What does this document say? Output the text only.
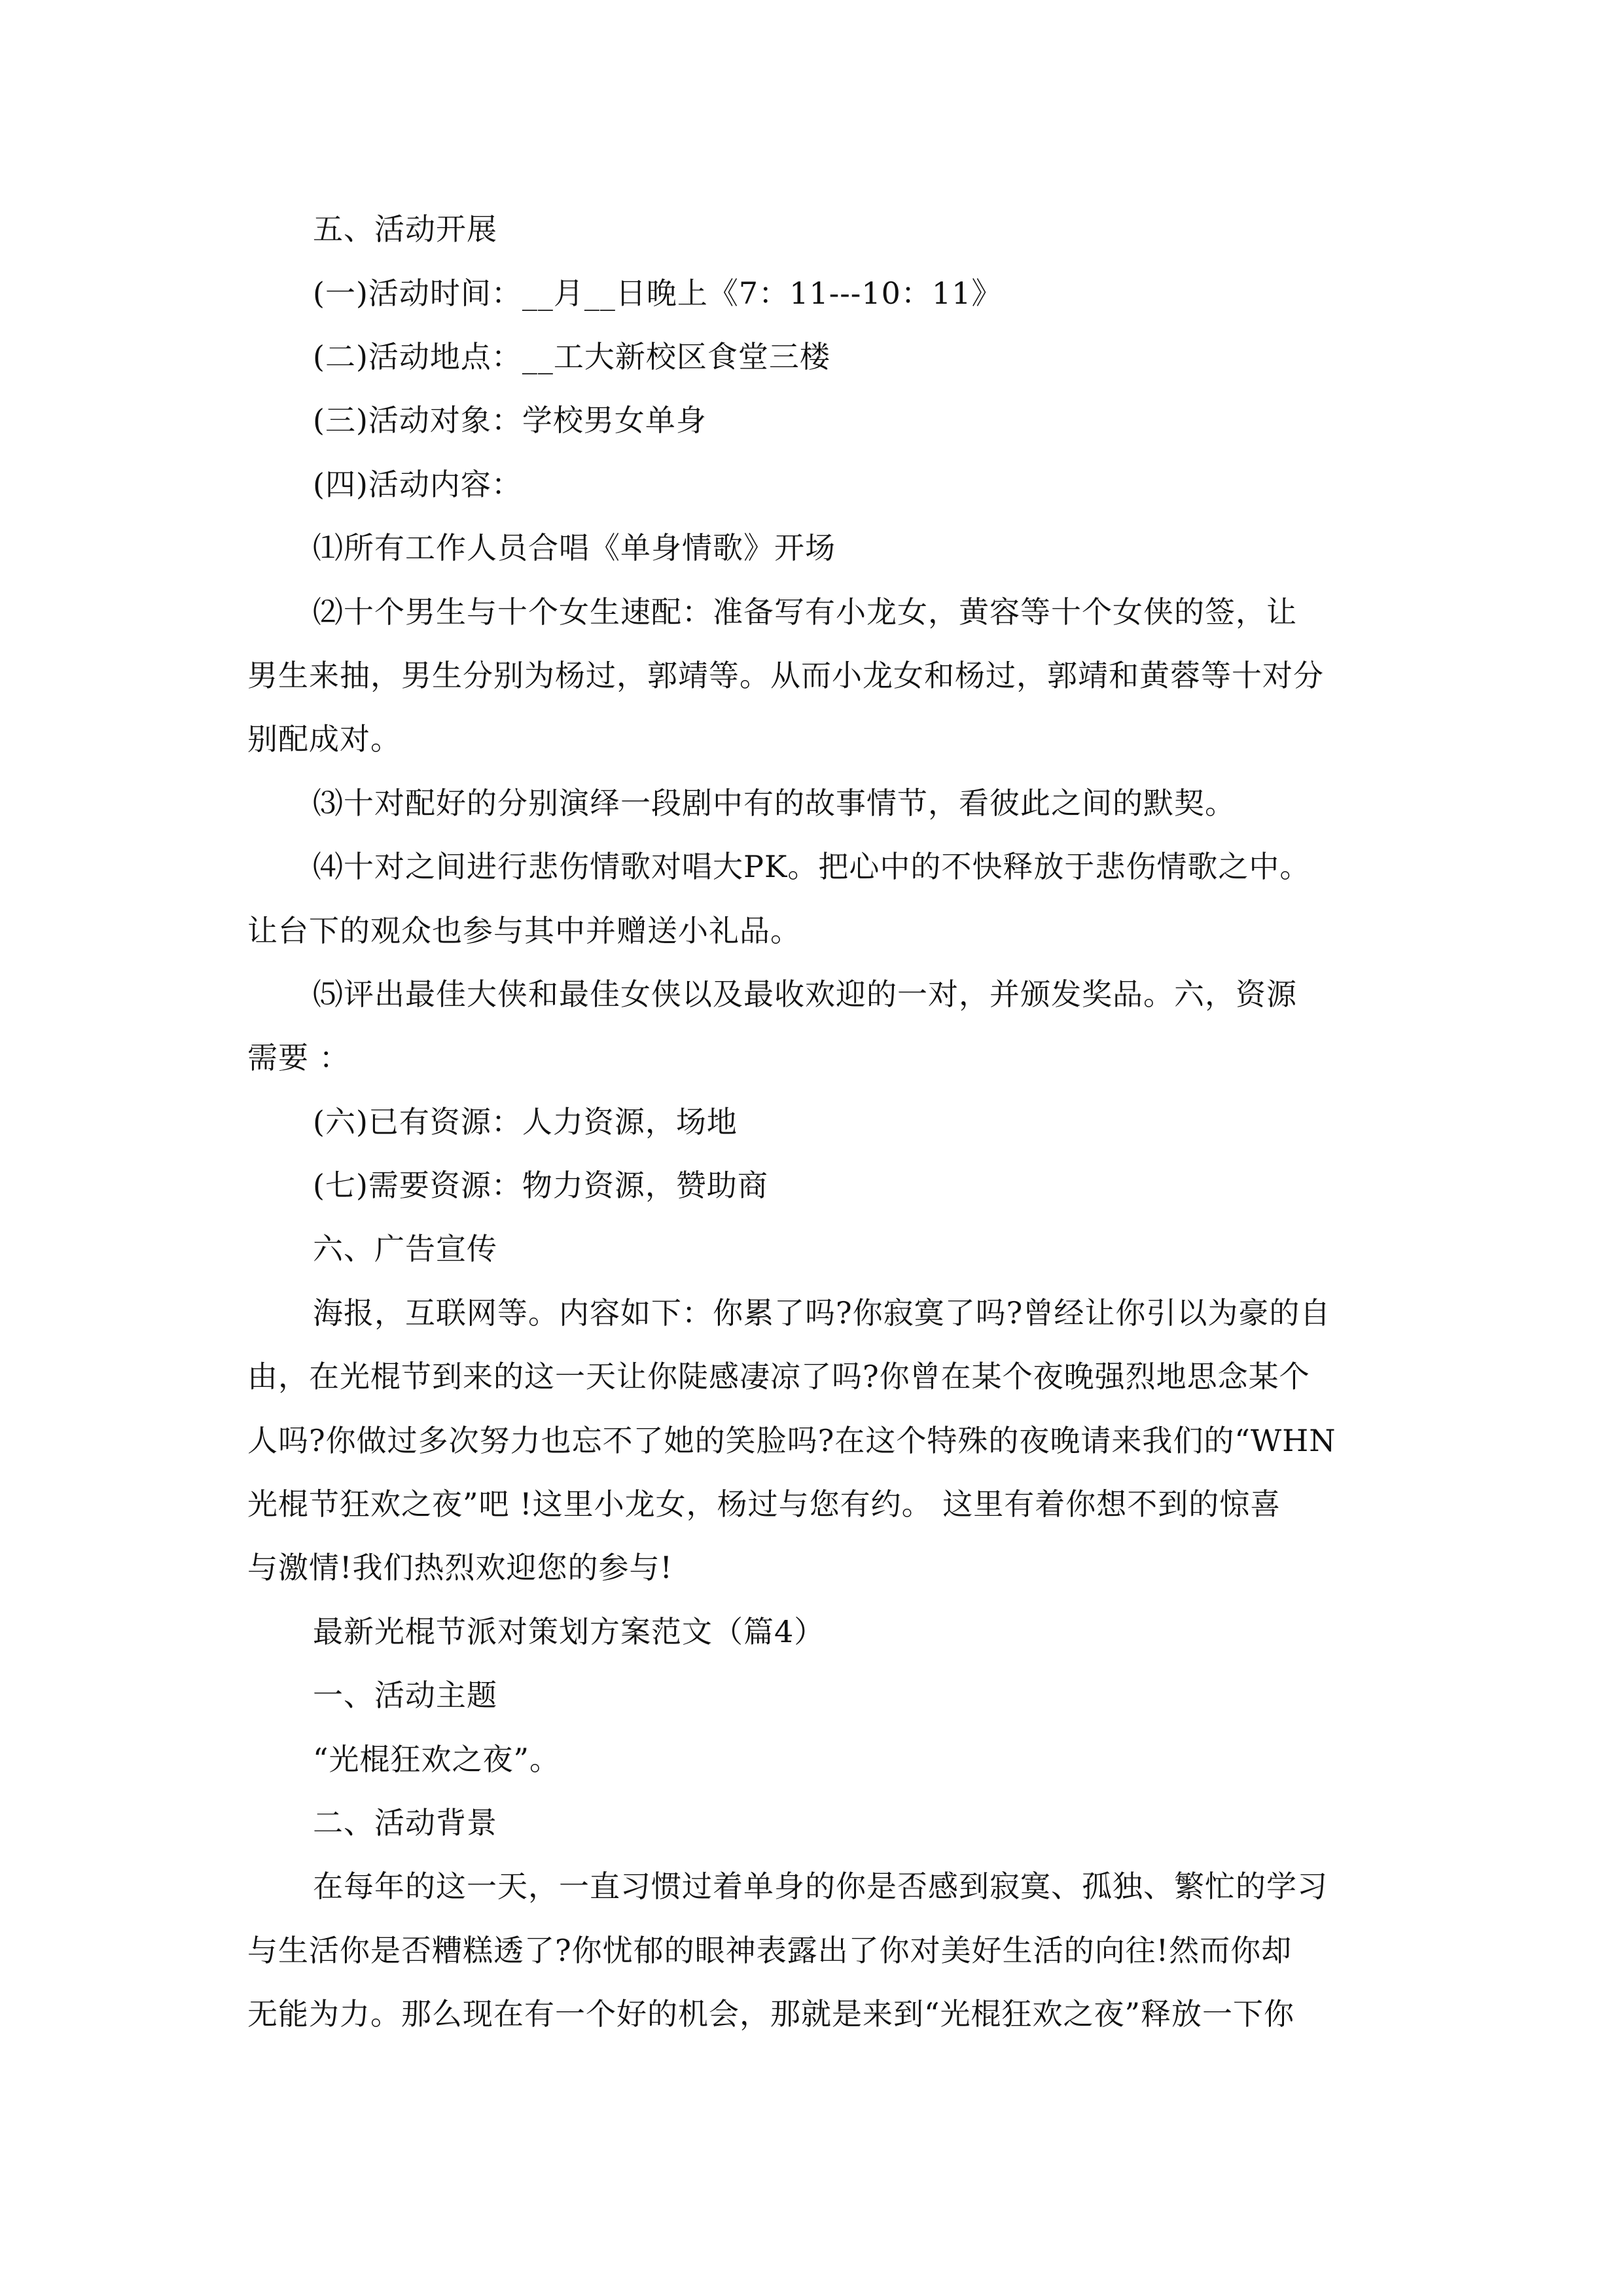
五、活动开展
(一)活动时间：__月__日晚上《7：11---10：11》
(二)活动地点：__工大新校区食堂三楼
(三)活动对象：学校男女单身
(四)活动内容：
⑴所有工作人员合唱《单身情歌》开场
⑵十个男生与十个女生速配：准备写有小龙女，黄容等十个女侠的签，让
男生来抽，男生分别为杨过，郭靖等。从而小龙女和杨过，郭靖和黄蓉等十对分
别配成对。
⑶十对配好的分别演绎一段剧中有的故事情节，看彼此之间的默契。
⑷十对之间进行悲伤情歌对唱大PK。把心中的不快释放于悲伤情歌之中。
让台下的观众也参与其中并赠送小礼品。
⑸评出最佳大侠和最佳女侠以及最收欢迎的一对，并颁发奖品。六，资源
需要 ：
(六)已有资源：人力资源，场地
(七)需要资源：物力资源，赞助商
六、广告宣传
海报，互联网等。内容如下：你累了吗?你寂寞了吗?曾经让你引以为豪的自
由，在光棍节到来的这一天让你陡感凄凉了吗?你曾在某个夜晚强烈地思念某个
人吗?你做过多次努力也忘不了她的笑脸吗?在这个特殊的夜晚请来我们的“WHN
光棍节狂欢之夜”吧 !这里小龙女，杨过与您有约。 这里有着你想不到的惊喜
与激情!我们热烈欢迎您的参与!
最新光棍节派对策划方案范文（篇4）
一、活动主题
“光棍狂欢之夜”。
二、活动背景
在每年的这一天，一直习惯过着单身的你是否感到寂寞、孤独、繁忙的学习
与生活你是否糟糕透了?你忧郁的眼神表露出了你对美好生活的向往!然而你却
无能为力。那么现在有一个好的机会，那就是来到“光棍狂欢之夜”释放一下你
